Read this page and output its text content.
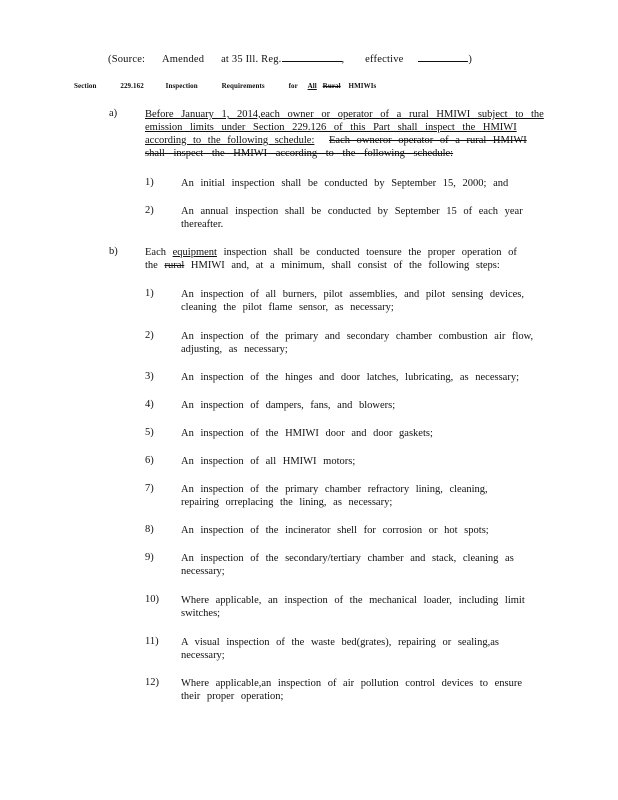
(Source: Amended at 35 Ill. Reg.	, effective	)
Section	229.162	Inspection	Requirements	for All Rural HMIWIs
a)	Before January 1, 2014,each owner or operator of a rural HMIWI subject to the
emission limits under Section 229.126 of this Part shall inspect the HMIWI
according to the following schedule: Each owneror operator of a rural HMIWI
shall inspect the HMIWI according to the following schedule:
1)	An initial inspection shall be conducted by September 15, 2000; and
2)	An annual inspection shall be conducted by September 15 of each year thereafter.
b)	Each equipment inspection shall be conducted toensure the proper operation of
the rural HMIWI and, at a minimum, shall consist of the following steps:
1)	An inspection of all burners, pilot assemblies, and pilot sensing devices, cleaning the pilot flame sensor, as necessary;
2)	An inspection of the primary and secondary chamber combustion air flow, adjusting, as necessary;
3)	An inspection of the hinges and door latches, lubricating, as necessary;
4)	An inspection of dampers, fans, and blowers;
5)	An inspection of the HMIWI door and door gaskets;
6)	An inspection of all HMIWI motors;
7)	An inspection of the primary chamber refractory lining, cleaning, repairing orreplacing the lining, as necessary;
8)	An inspection of the incinerator shell for corrosion or hot spots;
9)	An inspection of the secondary/tertiary chamber and stack, cleaning as necessary;
10) Where applicable, an inspection of the mechanical loader, including limit switches;
11) A visual inspection of the waste bed(grates), repairing or sealing,as necessary;
12) Where applicable,an inspection of air pollution control devices to ensure their proper operation;
